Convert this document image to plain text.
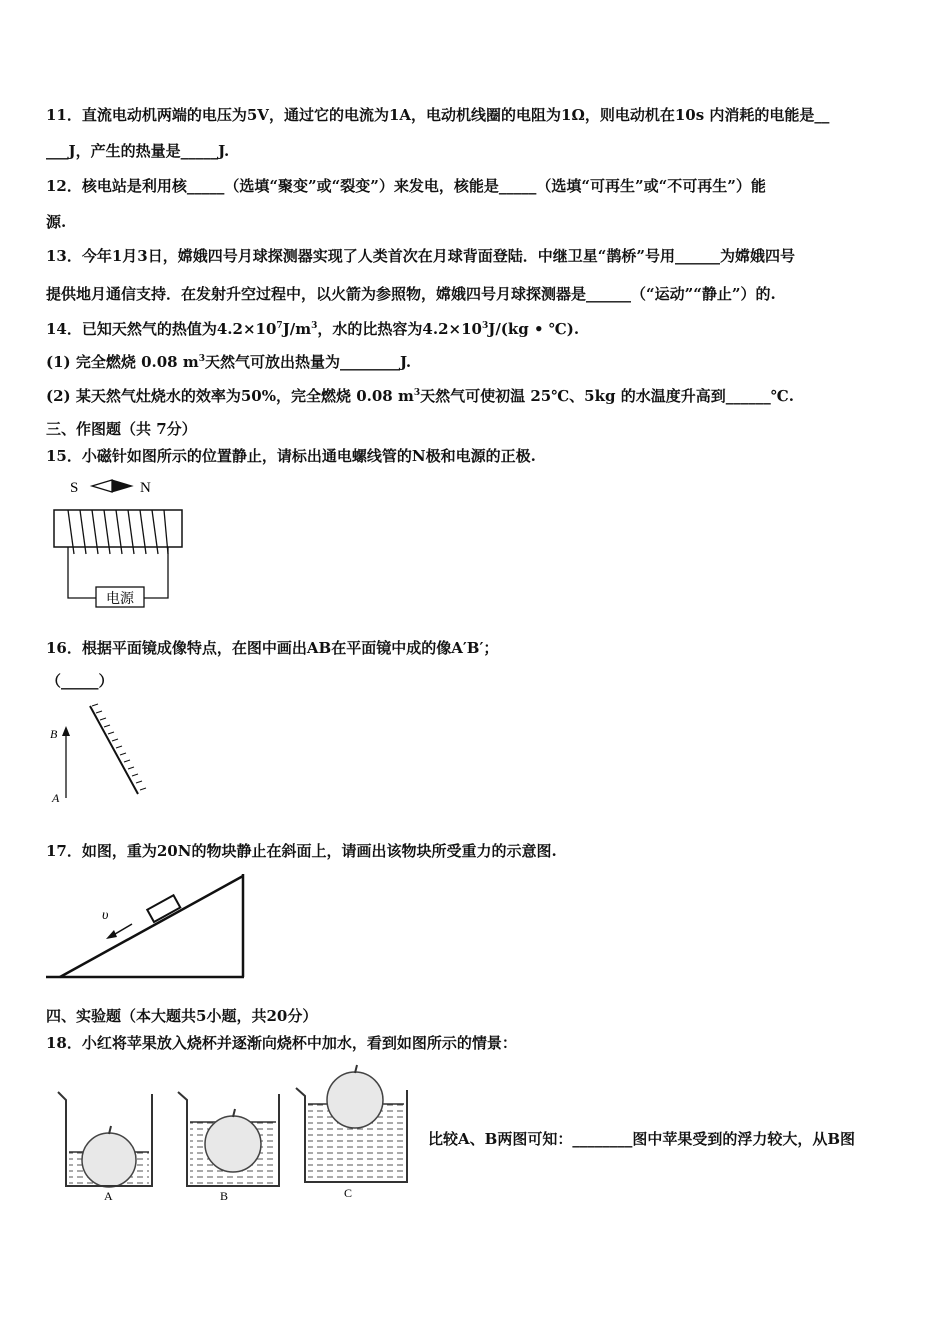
11．直流电动机两端的电压为5V，通过它的电流为1A，电动机线圈的电阻为1Ω，则电动机在10s 内消耗的电能是__
___J，产生的热量是_____J.
12．核电站是利用核_____（选填“聚变”或“裂变”）来发电，核能是_____（选填“可再生”或“不可再生”）能
源.
13．今年1月3日，嫦娥四号月球探测器实现了人类首次在月球背面登陆．中继卫星“鹊桥”号用______为嫦娥四号
提供地月通信支持．在发射升空过程中，以火箭为参照物，嫦娥四号月球探测器是______（“运动”“静止”）的.
14．已知天然气的热值为$4.2\times 10^7J/m^3$，水的比热容为$4.2\times 10^3J/(kg$ • ℃).
(1) 完全燃烧 0.08 $m^3$天然气可放出热量为________J.
(2) 某天然气灶烧水的效率为50%，完全燃烧 0.08 $m^3$天然气可使初温 25℃、5kg 的水温度升高到______℃.
三、作图题（共 7分）
15．小磁针如图所示的位置静止，请标出通电螺线管的N极和电源的正极.
S	N
电源
16．根据平面镜成像特点，在图中画出AB在平面镜中成的像A′B′；
（_____）
B
A
17．如图，重为20N的物块静止在斜面上，请画出该物块所受重力的示意图.
υ
四、实验题（本大题共5小题，共20分）
18．小红将苹果放入烧杯并逐渐向烧杯中加水，看到如图所示的情景：
A	B	C
比较A、B两图可知：________图中苹果受到的浮力较大，从B图
